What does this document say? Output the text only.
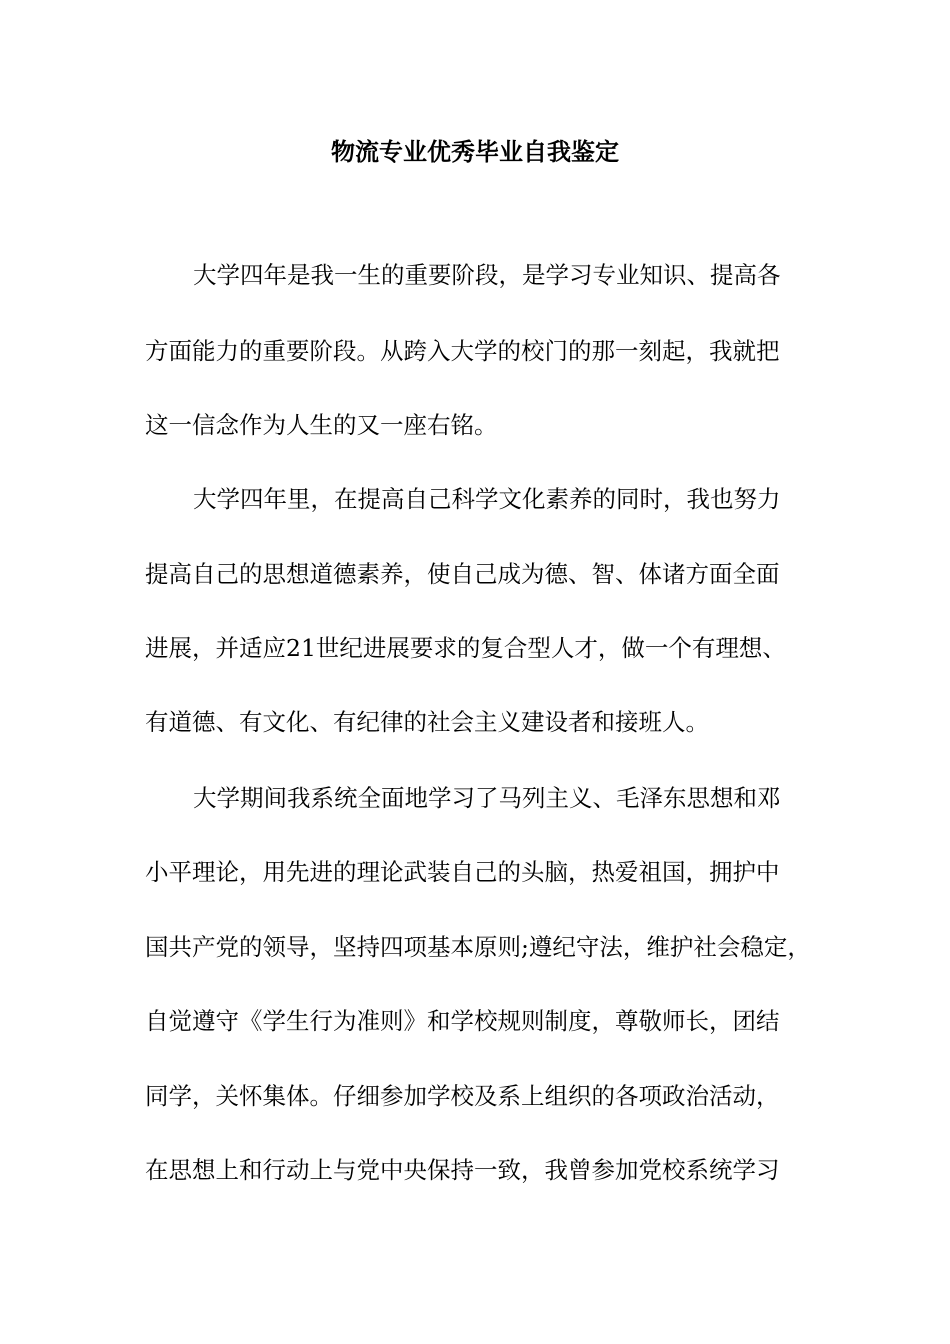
物流专业优秀毕业自我鉴定
大学四年是我一生的重要阶段，是学习专业知识、提高各
方面能力的重要阶段。从跨入大学的校门的那一刻起，我就把
这一信念作为人生的又一座右铭。
大学四年里，在提高自己科学文化素养的同时，我也努力
提高自己的思想道德素养，使自己成为德、智、体诸方面全面
进展，并适应21世纪进展要求的复合型人才，做一个有理想、
有道德、有文化、有纪律的社会主义建设者和接班人。
大学期间我系统全面地学习了马列主义、毛泽东思想和邓
小平理论，用先进的理论武装自己的头脑，热爱祖国，拥护中
国共产党的领导，坚持四项基本原则;遵纪守法，维护社会稳定，
自觉遵守《学生行为准则》和学校规则制度，尊敬师长，团结
同学，关怀集体。仔细参加学校及系上组织的各项政治活动，
在思想上和行动上与党中央保持一致，我曾参加党校系统学习
